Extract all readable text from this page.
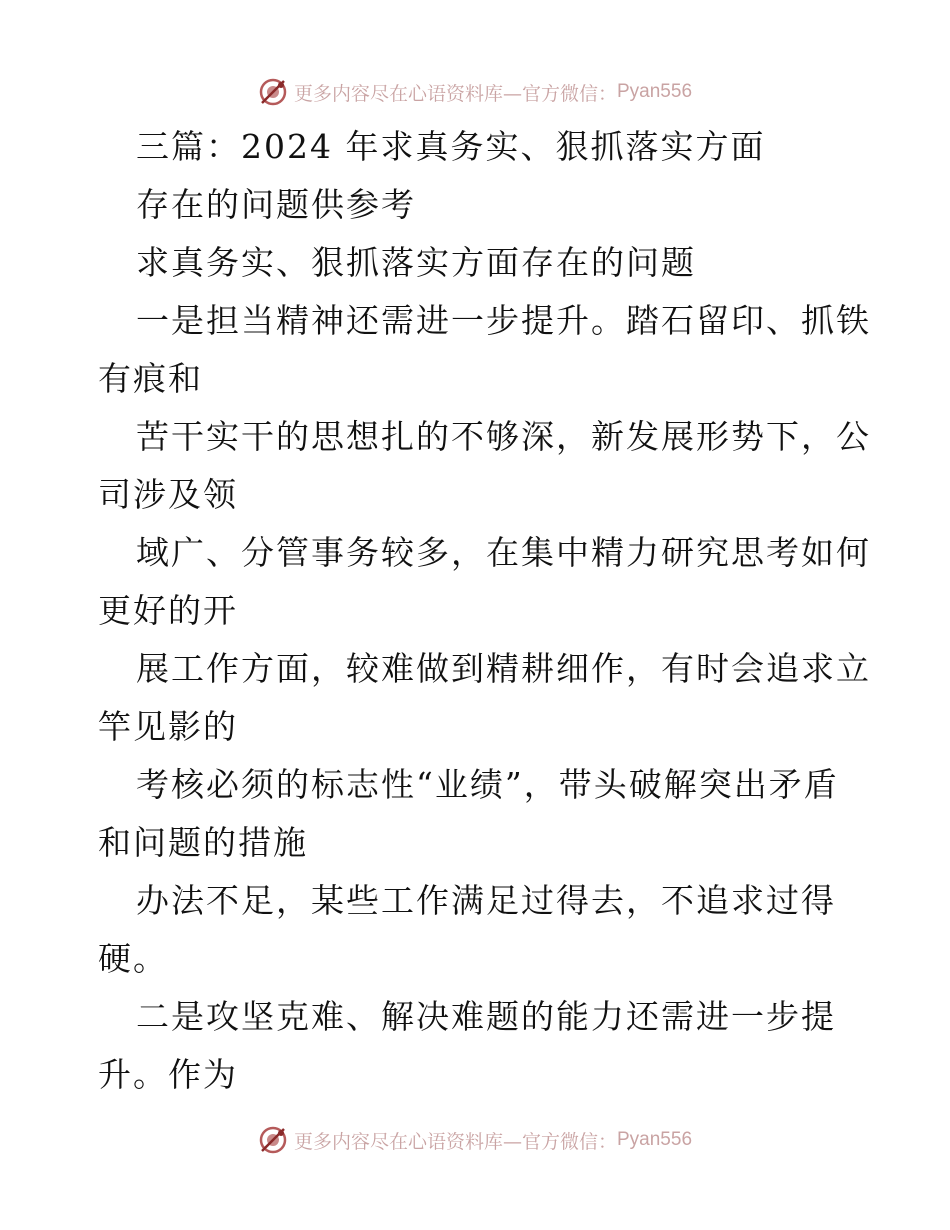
更多内容尽在心语资料库—官方微信： Pyan556
三篇：2024 年求真务实、狠抓落实方面
存在的问题供参考
求真务实、狠抓落实方面存在的问题
一是担当精神还需进一步提升。踏石留印、抓铁
有痕和
苦干实干的思想扎的不够深，新发展形势下，公
司涉及领
域广、分管事务较多，在集中精力研究思考如何
更好的开
展工作方面，较难做到精耕细作，有时会追求立
竿见影的
考核必须的标志性“业绩”，带头破解突出矛盾
和问题的措施
办法不足，某些工作满足过得去，不追求过得
硬。
二是攻坚克难、解决难题的能力还需进一步提
升。作为
更多内容尽在心语资料库—官方微信： Pyan556
